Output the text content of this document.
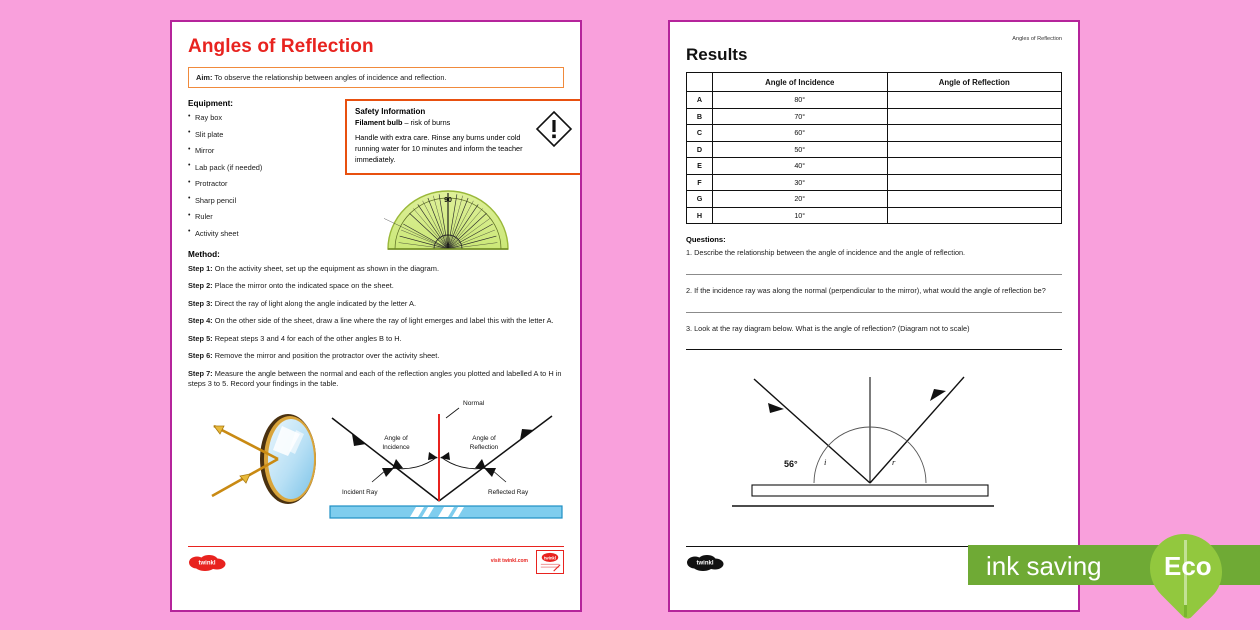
Angles of Reflection
Aim: To observe the relationship between angles of incidence and reflection.
Equipment:
• Ray box
• Slit plate
• Mirror
• Lab pack (if needed)
• Protractor
• Sharp pencil
• Ruler
• Activity sheet
Safety Information
Filament bulb – risk of burns
Handle with extra care. Rinse any burns under cold running water for 10 minutes and inform the teacher immediately.
90
Method:
Step 1: On the activity sheet, set up the equipment as shown in the diagram.
Step 2: Place the mirror onto the indicated space on the sheet.
Step 3: Direct the ray of light along the angle indicated by the letter A.
Step 4: On the other side of the sheet, draw a line where the ray of light emerges and label this with the letter A.
Step 5: Repeat steps 3 and 4 for each of the other angles B to H.
Step 6: Remove the mirror and position the protractor over the activity sheet.
Step 7: Measure the angle between the normal and each of the reflection angles you plotted and labelled A to H in steps 3 to 5. Record your findings in the table.
Normal
Angle of
Incidence
Angle of
Reflection
Incident Ray	Reflected Ray
twinkl	visit twinkl.com
twinkl
Angles of Reflection
Results
	Angle of Incidence	Angle of Reflection
A	80°	
B	70°	
C	60°	
D	50°	
E	40°	
F	30°	
G	20°	
H	10°	
Questions:
1. Describe the relationship between the angle of incidence and the angle of reflection.
2. If the incidence ray was along the normal (perpendicular to the mirror), what would the angle of reflection be?
3. Look at the ray diagram below. What is the angle of reflection? (Diagram not to scale)
i	r
56°
twinkl	ink saving Eco
